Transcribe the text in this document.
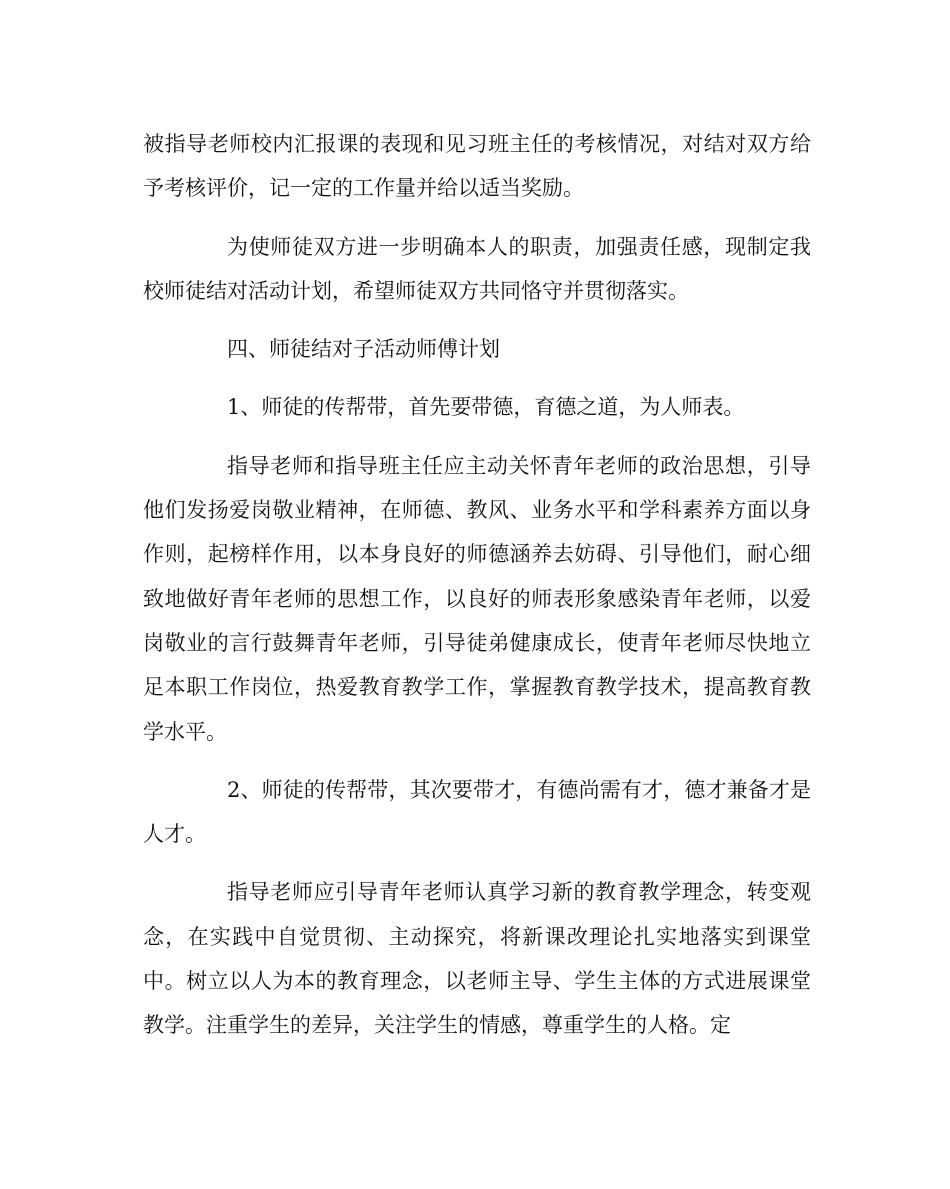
被指导老师校内汇报课的表现和见习班主任的考核情况，对结对双方给予考核评价，记一定的工作量并给以适当奖励。

为使师徒双方进一步明确本人的职责，加强责任感，现制定我校师徒结对活动计划，希望师徒双方共同恪守并贯彻落实。

四、师徒结对子活动师傅计划

1、师徒的传帮带，首先要带德，育德之道，为人师表。

指导老师和指导班主任应主动关怀青年老师的政治思想，引导他们发扬爱岗敬业精神，在师德、教风、业务水平和学科素养方面以身作则，起榜样作用，以本身良好的师德涵养去妨碍、引导他们，耐心细致地做好青年老师的思想工作，以良好的师表形象感染青年老师，以爱岗敬业的言行鼓舞青年老师，引导徒弟健康成长，使青年老师尽快地立足本职工作岗位，热爱教育教学工作，掌握教育教学技术，提高教育教学水平。

2、师徒的传帮带，其次要带才，有德尚需有才，德才兼备才是人才。

指导老师应引导青年老师认真学习新的教育教学理念，转变观念，在实践中自觉贯彻、主动探究，将新课改理论扎实地落实到课堂中。树立以人为本的教育理念，以老师主导、学生主体的方式进展课堂教学。注重学生的差异，关注学生的情感，尊重学生的人格。定
